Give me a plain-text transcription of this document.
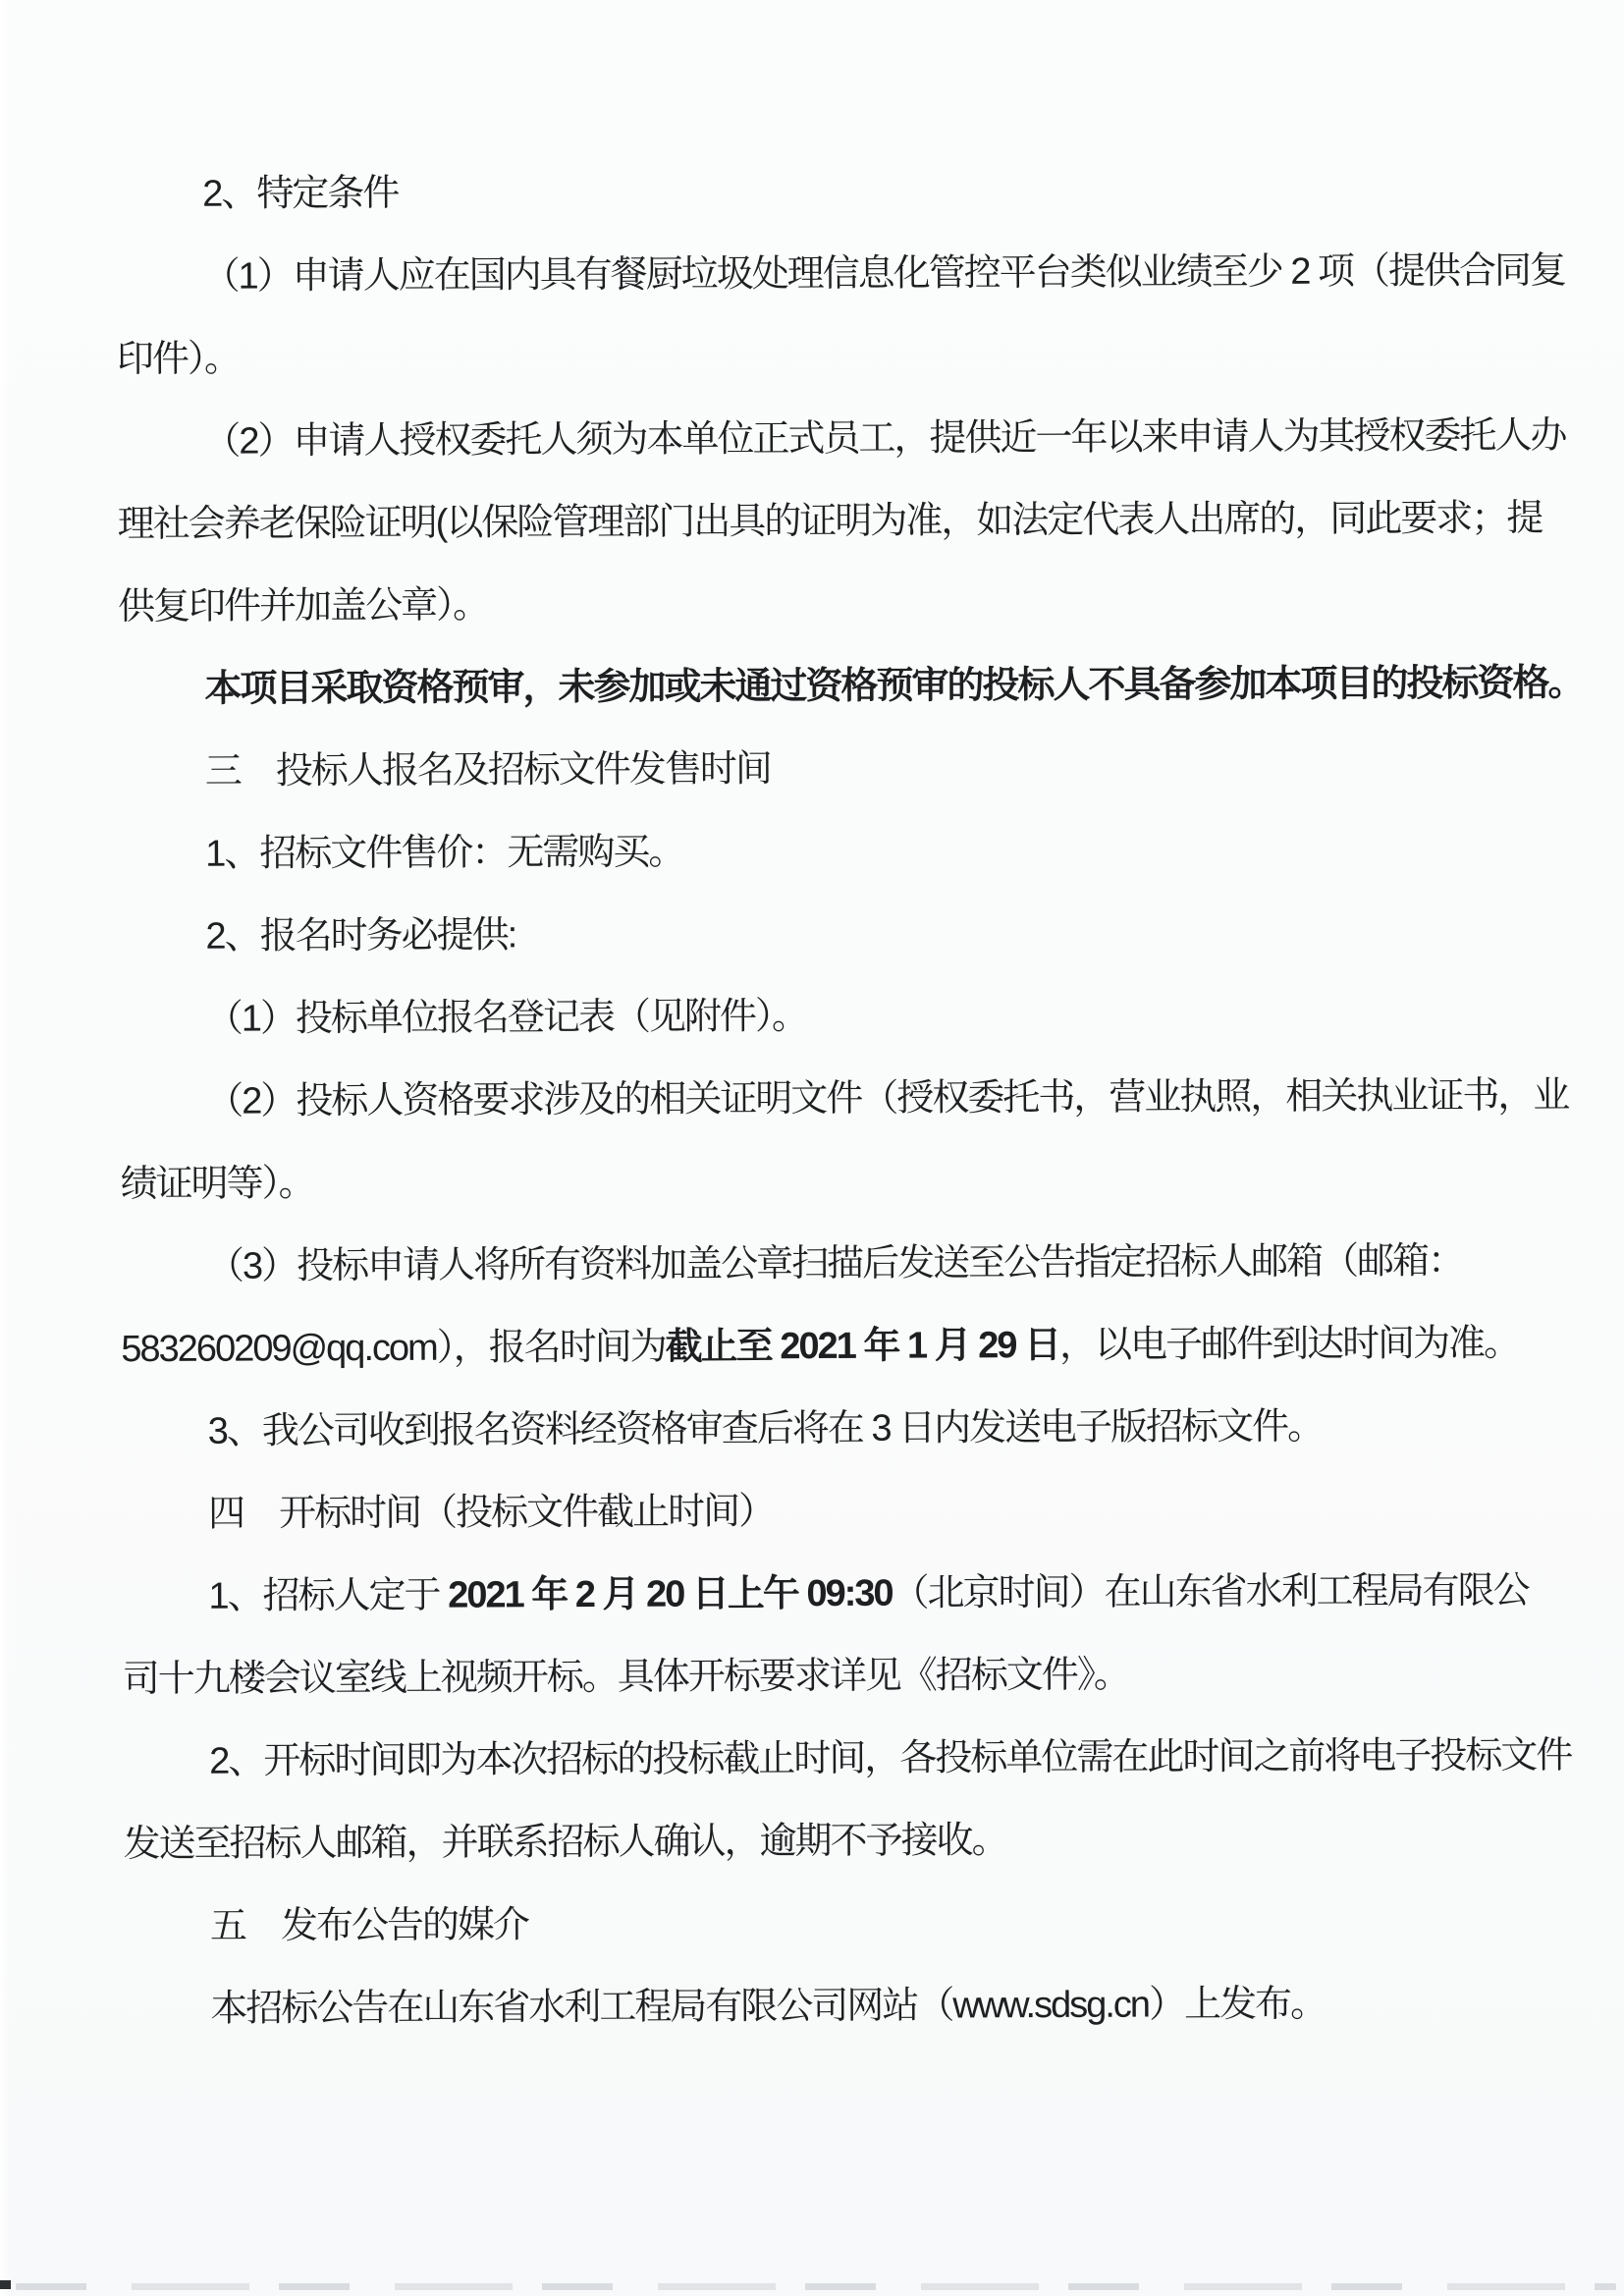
2、特定条件
（1）申请人应在国内具有餐厨垃圾处理信息化管控平台类似业绩至少 2 项（提供合同复
印件）。
（2）申请人授权委托人须为本单位正式员工，提供近一年以来申请人为其授权委托人办
理社会养老保险证明(以保险管理部门出具的证明为准，如法定代表人出席的，同此要求；提
供复印件并加盖公章）。
本项目采取资格预审，未参加或未通过资格预审的投标人不具备参加本项目的投标资格。
三　投标人报名及招标文件发售时间
1、招标文件售价：无需购买。
2、报名时务必提供:
（1）投标单位报名登记表（见附件）。
（2）投标人资格要求涉及的相关证明文件（授权委托书，营业执照，相关执业证书，业
绩证明等）。
（3）投标申请人将所有资料加盖公章扫描后发送至公告指定招标人邮箱（邮箱：
583260209@qq.com），报名时间为 截止至 2021 年 1 月 29 日 ，以电子邮件到达时间为准。
3、我公司收到报名资料经资格审查后将在 3 日内发送电子版招标文件。
四　开标时间（投标文件截止时间）
1、招标人定于 2021 年 2 月 20 日上午 09:30 （北京时间）在山东省水利工程局有限公
司十九楼会议室线上视频开标。具体开标要求详见《招标文件》。
2、开标时间即为本次招标的投标截止时间，各投标单位需在此时间之前将电子投标文件
发送至招标人邮箱，并联系招标人确认，逾期不予接收。
五　发布公告的媒介
本招标公告在山东省水利工程局有限公司网站（www.sdsg.cn）上发布。
